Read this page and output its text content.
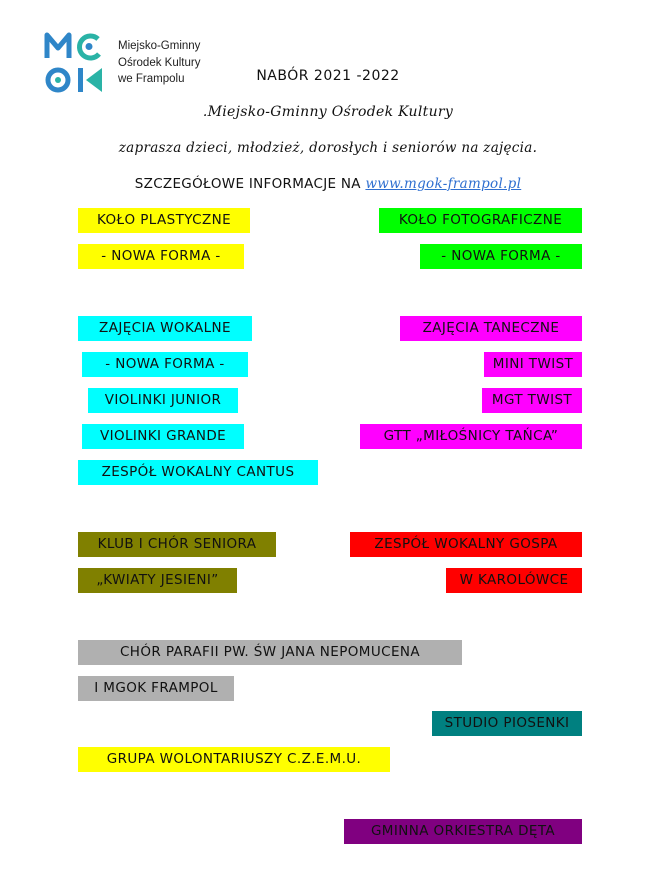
Miejsko-Gminny
Ośrodek Kultury
we Frampolu	NABÓR 2021 -2022
.Miejsko-Gminny Ośrodek Kultury
zaprasza dzieci, młodzież, dorosłych i seniorów na zajęcia.
SZCZEGÓŁOWE INFORMACJE NA www.mgok-frampol.pl
KOŁO PLASTYCZNE
- NOWA FORMA -
KOŁO FOTOGRAFICZNE
- NOWA FORMA -
ZAJĘCIA WOKALNE
- NOWA FORMA -
VIOLINKI JUNIOR
VIOLINKI GRANDE
ZESPÓŁ WOKALNY CANTUS
ZAJĘCIA TANECZNE
MINI TWIST
MGT TWIST
GTT „MIŁOŚNICY TAŃCA”
KLUB I CHÓR SENIORA
„KWIATY JESIENI”
ZESPÓŁ WOKALNY GOSPA
W KAROLÓWCE
CHÓR PARAFII PW. ŚW JANA NEPOMUCENA
I MGOK FRAMPOL
STUDIO PIOSENKI
GRUPA WOLONTARIUSZY C.Z.E.M.U.
GMINNA ORKIESTRA DĘTA
